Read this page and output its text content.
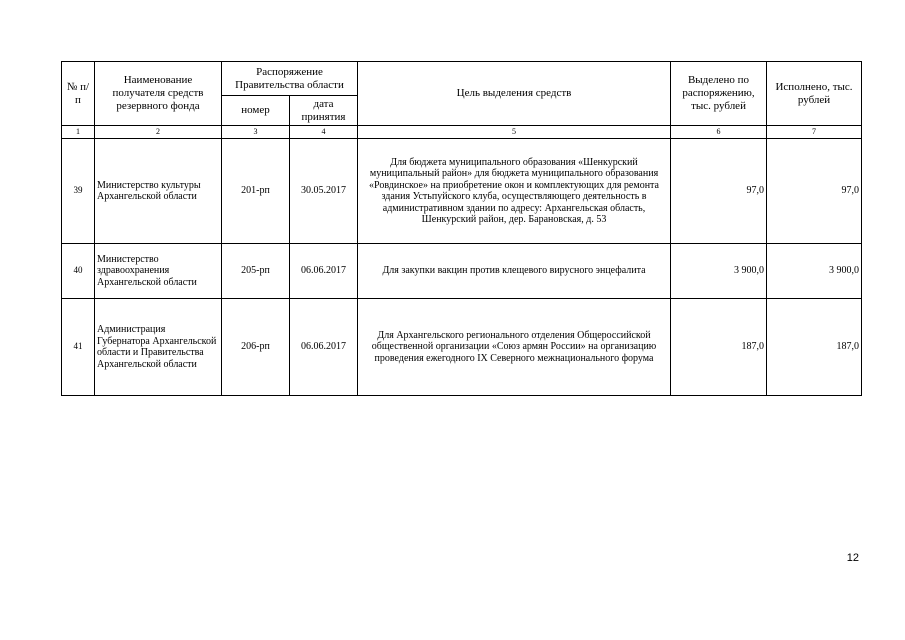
№ п/п	Наименование получателя средств резервного фонда	Распоряжение Правительства области		Цель выделения средств	Выделено по распоряжению, тыс. рублей	Исполнено, тыс. рублей
		номер	дата принятия			
1	2	3	4	5	6	7
39	Министерство культуры Архангельской области	201-рп	30.05.2017	Для бюджета муниципального образования «Шенкурский муниципальный район» для бюджета муниципального образования «Ровдинское» на приобретение окон и комплектующих для ремонта здания Устьпуйского клуба, осуществляющего деятельность в административном здании по адресу: Архангельская область, Шенкурский район, дер. Барановская, д. 53	97,0	97,0
40	Министерство здравоохранения Архангельской области	205-рп	06.06.2017	Для закупки вакцин против клещевого вирусного энцефалита	3 900,0	3 900,0
41	Администрация Губернатора Архангельской области и Правительства Архангельской области	206-рп	06.06.2017	Для Архангельского регионального отделения Общероссийской общественной организации «Союз армян России» на организацию проведения ежегодного IX Северного межнационального форума	187,0	187,0
12
